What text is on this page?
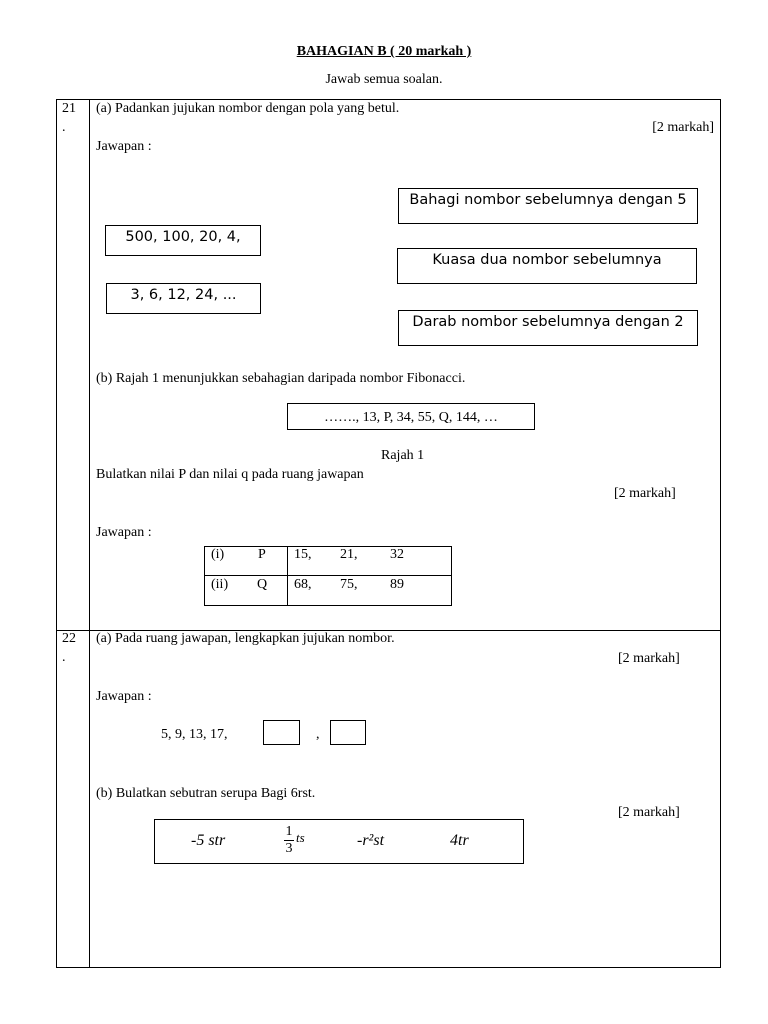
BAHAGIAN B ( 20 markah )
Jawab semua soalan.
21
.
(a) Padankan jujukan nombor dengan pola yang betul.
[2 markah]
Jawapan :
500, 100, 20, 4,
3, 6, 12, 24, ...
Bahagi nombor sebelumnya dengan 5
Kuasa dua nombor sebelumnya
Darab nombor sebelumnya dengan 2
(b) Rajah 1 menunjukkan sebahagian daripada nombor Fibonacci.
……., 13, P, 34, 55, Q, 144, …
Rajah 1
Bulatkan nilai P dan nilai q pada ruang jawapan
[2 markah]
Jawapan :
(i) P 15, 21, 32
(ii) Q 68, 75, 89
22
.
(a) Pada ruang jawapan, lengkapkan jujukan nombor.
[2 markah]
Jawapan :
5, 9, 13, 17,	,
(b) Bulatkan sebutran serupa Bagi 6rst.
[2 markah]
-5 str
1
3
ts	-r²st	4tr
